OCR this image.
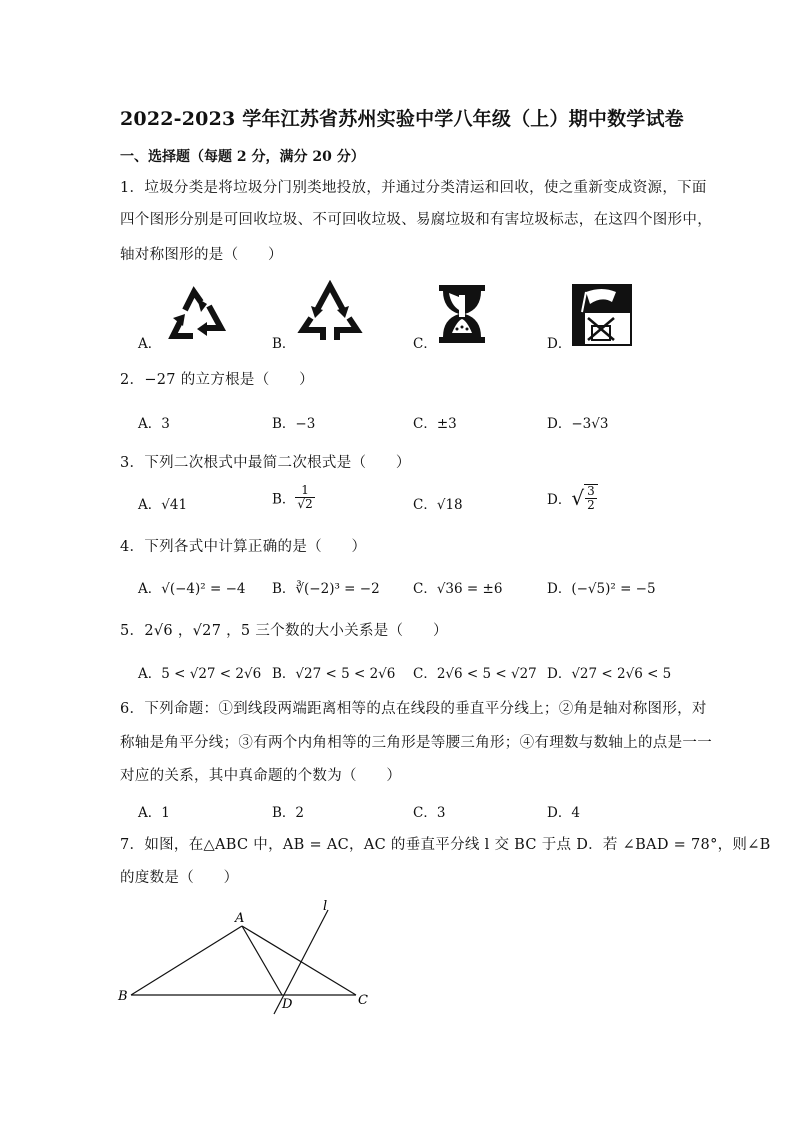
2022-2023 学年江苏省苏州实验中学八年级（上）期中数学试卷
一、选择题（每题 2 分，满分 20 分）
1．垃圾分类是将垃圾分门别类地投放，并通过分类清运和回收，使之重新变成资源，下面
四个图形分别是可回收垃圾、不可回收垃圾、易腐垃圾和有害垃圾标志，在这四个图形中，
轴对称图形的是（　　）
A．	B．	C．	D．
2．−27 的立方根是（　　）
A．3	B．−3	C．±3	D．−3√3
3．下列二次根式中最简二次根式是（　　）
A．√41	B． $\frac{1}{√2}$	C．√18	D．√ $\frac{3}{2}$
4．下列各式中计算正确的是（　　）
A．√(−4)² = −4 B．∛(−2)³ = −2 C．√36 = ±6	D．(−√5)² = −5
5．2√6 ，√27 ，5 三个数的大小关系是（　　）
A．5 < √27 < 2√6 B．√27 < 5 < 2√6 C．2√6 < 5 < √27 D．√27 < 2√6 < 5
6．下列命题：①到线段两端距离相等的点在线段的垂直平分线上；②角是轴对称图形，对
称轴是角平分线；③有两个内角相等的三角形是等腰三角形；④有理数与数轴上的点是一一
对应的关系，其中真命题的个数为（　　）
A．1	B．2	C．3	D．4
7．如图，在△ABC 中，AB = AC，AC 的垂直平分线 l 交 BC 于点 D．若 ∠BAD = 78°，则∠B
的度数是（　　）
A
B	C
D
l
